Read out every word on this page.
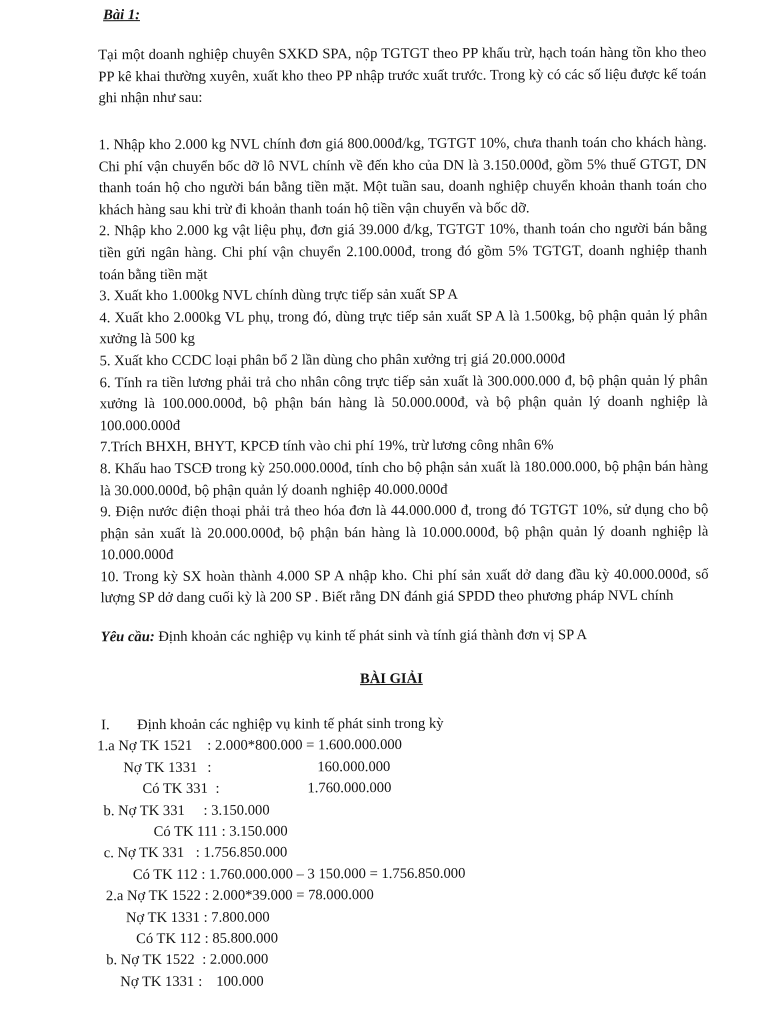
Bài 1:
Tại một doanh nghiệp chuyên SXKD SPA, nộp TGTGT theo PP khấu trừ, hạch toán hàng tồn kho theo PP kê khai thường xuyên, xuất kho theo PP nhập trước xuất trước. Trong kỳ có các số liệu được kế toán ghi nhận như sau:

1. Nhập kho 2.000 kg NVL chính đơn giá 800.000đ/kg, TGTGT 10%, chưa thanh toán cho khách hàng. Chi phí vận chuyển bốc dỡ lô NVL chính về đến kho của DN là 3.150.000đ, gồm 5% thuế GTGT, DN thanh toán hộ cho người bán bằng tiền mặt. Một tuần sau, doanh nghiệp chuyển khoản thanh toán cho khách hàng sau khi trừ đi khoản thanh toán hộ tiền vận chuyển và bốc dỡ.

2. Nhập kho 2.000 kg vật liệu phụ, đơn giá 39.000 đ/kg, TGTGT 10%, thanh toán cho người bán bằng tiền gửi ngân hàng. Chi phí vận chuyển 2.100.000đ, trong đó gồm 5% TGTGT, doanh nghiệp thanh toán bằng tiền mặt

3. Xuất kho 1.000kg NVL chính dùng trực tiếp sản xuất SP A

4. Xuất kho 2.000kg VL phụ, trong đó, dùng trực tiếp sản xuất SP A là 1.500kg, bộ phận quản lý phân xưởng là 500 kg

5. Xuất kho CCDC loại phân bổ 2 lần dùng cho phân xưởng trị giá 20.000.000đ

6. Tính ra tiền lương phải trả cho nhân công trực tiếp sản xuất là 300.000.000 đ, bộ phận quản lý phân xưởng là 100.000.000đ, bộ phận bán hàng là 50.000.000đ, và bộ phận quản lý doanh nghiệp là 100.000.000đ

7.Trích BHXH, BHYT, KPCĐ tính vào chi phí 19%, trừ lương công nhân 6%

8. Khấu hao TSCĐ trong kỳ 250.000.000đ, tính cho bộ phận sản xuất là 180.000.000, bộ phận bán hàng là 30.000.000đ, bộ phận quản lý doanh nghiệp 40.000.000đ

9. Điện nước điện thoại phải trả theo hóa đơn là 44.000.000 đ, trong đó TGTGT 10%, sử dụng cho bộ phận sản xuất là 20.000.000đ, bộ phận bán hàng là 10.000.000đ, bộ phận quản lý doanh nghiệp là 10.000.000đ

10. Trong kỳ SX hoàn thành 4.000 SP A nhập kho. Chi phí sản xuất dở dang đầu kỳ 40.000.000đ, số lượng SP dở dang cuối kỳ là 200 SP . Biết rằng DN đánh giá SPDD theo phương pháp NVL chính

Yêu cầu: Định khoản các nghiệp vụ kinh tế phát sinh và tính giá thành đơn vị SP A
BÀI GIẢI
I. Định khoản các nghiệp vụ kinh tế phát sinh trong kỳ
1.a Nợ TK 1521 : 2.000*800.000 = 1.600.000.000
Nợ TK 1331 :	160.000.000
Có TK 331 :	1.760.000.000
b. Nợ TK 331 : 3.150.000
Có TK 111 : 3.150.000
c. Nợ TK 331 : 1.756.850.000
Có TK 112 : 1.760.000.000 – 3 150.000 = 1.756.850.000
2.a Nợ TK 1522 : 2.000*39.000 = 78.000.000
Nợ TK 1331 : 7.800.000
Có TK 112 : 85.800.000
b. Nợ TK 1522 : 2.000.000
Nợ TK 1331 : 100.000
